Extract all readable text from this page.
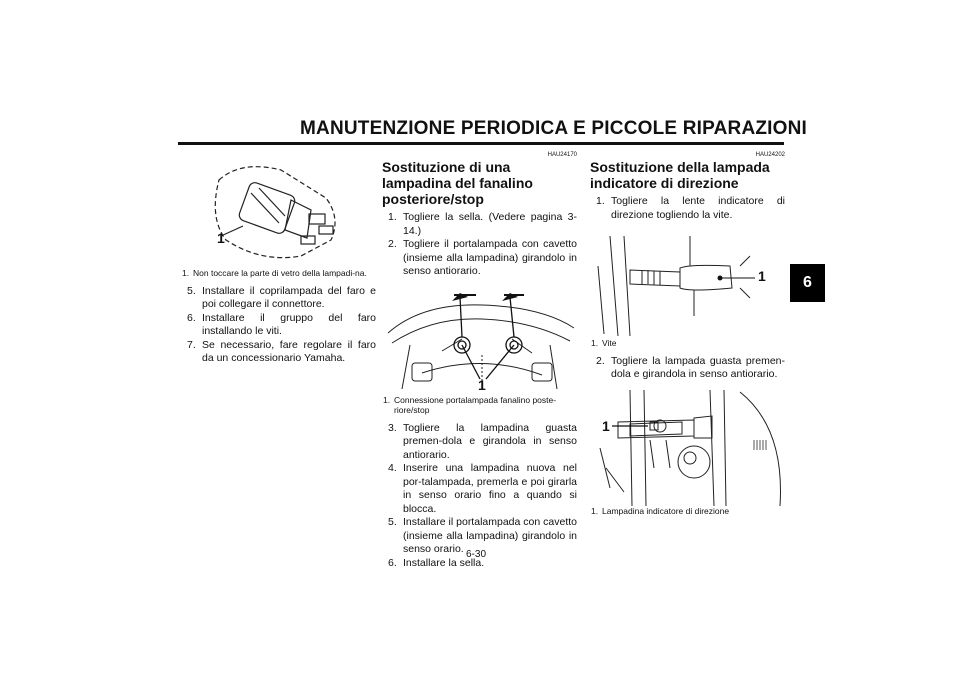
MANUTENZIONE PERIODICA E PICCOLE RIPARAZIONI
6
1
1. Non toccare la parte di vetro della lampadi-na.
5. Installare il coprilampada del faro e poi collegare il connettore.
6. Installare il gruppo del faro installando le viti.
7. Se necessario, fare regolare il faro da un concessionario Yamaha.
HAU24170
Sostituzione di una lampadina del fanalino posteriore/stop
1. Togliere la sella. (Vedere pagina 3-14.)
2. Togliere il portalampada con cavetto (insieme alla lampadina) girandolo in senso antiorario.
1
1. Connessione portalampada fanalino poste-riore/stop
3. Togliere la lampadina guasta premen-dola e girandola in senso antiorario.
4. Inserire una lampadina nuova nel por-talampada, premerla e poi girarla in senso orario fino a quando si blocca.
5. Installare il portalampada con cavetto (insieme alla lampadina) girandolo in senso orario.
6. Installare la sella.
HAU24202
Sostituzione della lampada indicatore di direzione
1. Togliere la lente indicatore di direzione togliendo la vite.
1
1. Vite
2. Togliere la lampada guasta premen-dola e girandola in senso antiorario.
1
1. Lampadina indicatore di direzione
6-30
